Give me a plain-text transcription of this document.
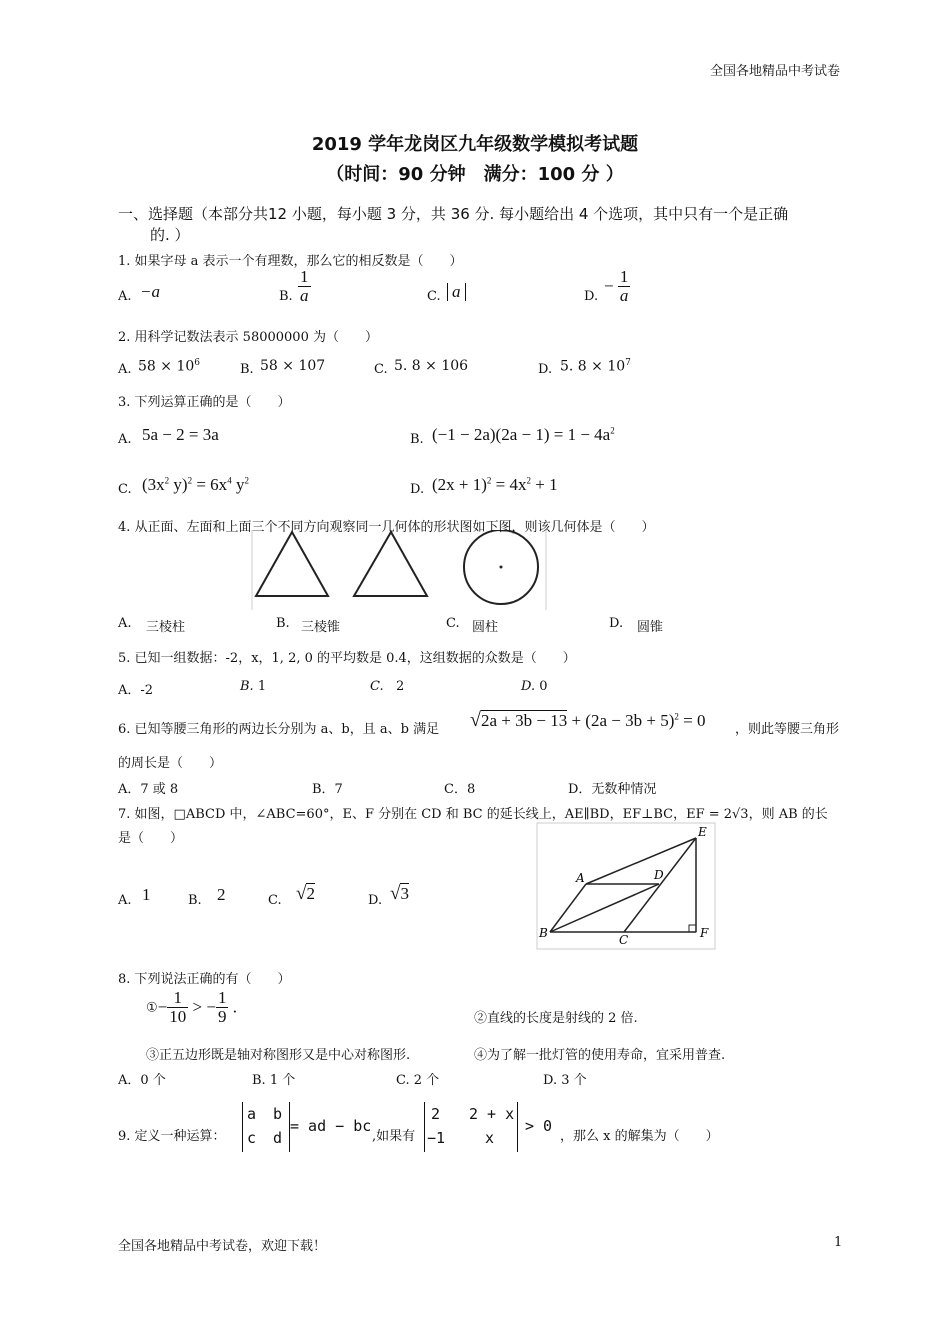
全国各地精品中考试卷
2019 学年龙岗区九年级数学模拟考试题
（时间：90 分钟　满分：100 分 ）
一、选择题（本部分共12 小题，每小题 3 分，共 36 分. 每小题给出 4 个选项，其中只有一个是正确
的. ）
1. 如果字母 a 表示一个有理数，那么它的相反数是（　　）
A. −a	B. $\frac{1}{a}$	C. a	D.
− $\frac{1}{a}$
2. 用科学记数法表示 58000000 为（　　）
A. $58 \times 10^6$	B. 58 × 107	C. 5. 8 × 106	D. 5. $8 \times 10^7$
3. 下列运算正确的是（　　）
A. 5a − 2 = 3a	B. $(-1 - 2a)(2a - 1) = 1 - 4a^2$
C. ($3x^2$ $y)^2 = 6x^4$ $y^2$
D. $(2x + 1)^2 = 4x^2 + 1$
4. 从正面、左面和上面三个不同方向观察同一几何体的形状图如下图，则该几何体是（　　）
A. 三棱柱	B. 三棱锥	C. 圆柱	D. 圆锥
5. 已知一组数据：-2，x，1, 2, 0 的平均数是 0.4，这组数据的众数是（　　）
A．-2	B. 1	C. 2	D. 0
6. 已知等腰三角形的两边长分别为 a、b，且 a、b 满足 $√2a + 3b - 13 + (2a - 3b + 5)^2 = 0$ ，则此等腰三角形
的周长是（　　）
A．7 或 8	B．7	C．8	D．无数种情况
7. 如图，□ABCD 中，∠ABC=60°，E、F 分别在 CD 和 BC 的延长线上，AE∥BD，EF⊥BC，EF = 2√3，则 AB 的长
是（　　）
A. 1	B. 2	C. √2	D. √3
A	D
E
B	C	F
8. 下列说法正确的有（　　）
①− $\frac{1}{10}$ > − $\frac{1}{9}$ .
②直线的长度是射线的 2 倍.
③正五边形既是轴对称图形又是中心对称图形.	④为了解一批灯管的使用寿命，宜采用普查.
A．0 个	B. 1 个	C. 2 个	D. 3 个
9. 定义一种运算：
a b
c d
= ad − bc
,如果有
2 2 + x
−1	x
> 0
，那么 x 的解集为（　　）
全国各地精品中考试卷，欢迎下载！	1
